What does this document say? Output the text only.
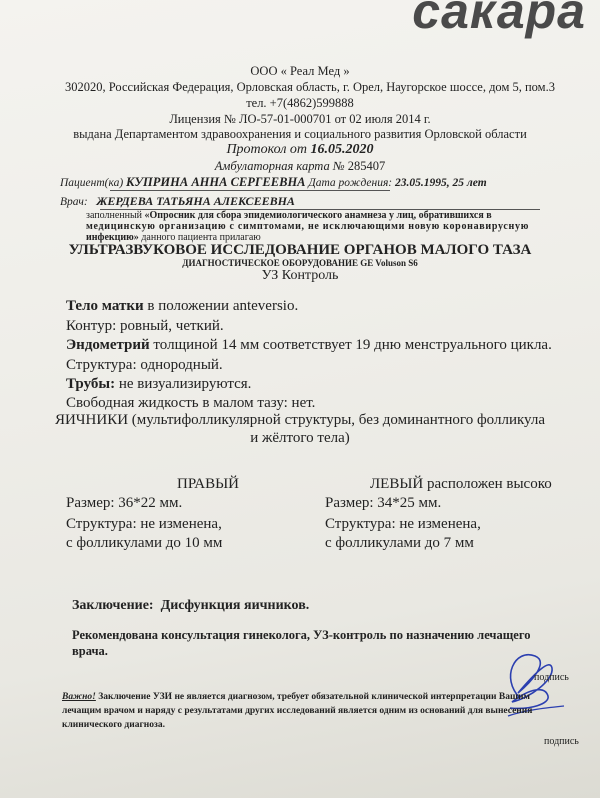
сакара
ООО « Реал Мед »
302020, Российская Федерация, Орловская область, г. Орел, Наугорское шоссе, дом 5, пом.3
тел. +7(4862)599888
Лицензия № ЛО-57-01-000701 от 02 июля 2014 г.
выдана Департаментом здравоохранения и социального развития Орловской области
Протокол от 16.05.2020
Амбулаторная карта № 285407
Пациент(ка) КУПРИНА АННА СЕРГЕЕВНА Дата рождения: 23.05.1995, 25 лет
Врач: ЖЕРДЕВА ТАТЬЯНА АЛЕКСЕЕВНА
заполненный «Опросник для сбора эпидемиологического анамнеза у лиц, обратившихся в
медицинскую организацию с симптомами, не исключающими новую коронавирусную
инфекцию» данного пациента прилагаю
УЛЬТРАЗВУКОВОЕ ИССЛЕДОВАНИЕ ОРГАНОВ МАЛОГО ТАЗА
ДИАГНОСТИЧЕСКОЕ ОБОРУДОВАНИЕ GE Voluson S6
УЗ Контроль
Тело матки в положении anteversio.
Контур: ровный, четкий.
Эндометрий толщиной 14 мм соответствует 19 дню менструального цикла.
Структура: однородный.
Трубы: не визуализируются.
Свободная жидкость в малом тазу: нет.
ЯИЧНИКИ (мультифолликулярной структуры, без доминантного фолликула
и жёлтого тела)
ПРАВЫЙ
Размер: 36*22 мм.
Структура: не изменена,
с фолликулами до 10 мм
ЛЕВЫЙ расположен высоко
Размер: 34*25 мм.
Структура: не изменена,
с фолликулами до 7 мм
Заключение: Дисфункция яичников.
Рекомендована консультация гинеколога, УЗ-контроль по назначению лечащего
врача.
подпись
Важно! Заключение УЗИ не является диагнозом, требует обязательной клинической интерпретации Вашим
лечащим врачом и наряду с результатами других исследований является одним из оснований для вынесения
клинического диагноза.
подпись
